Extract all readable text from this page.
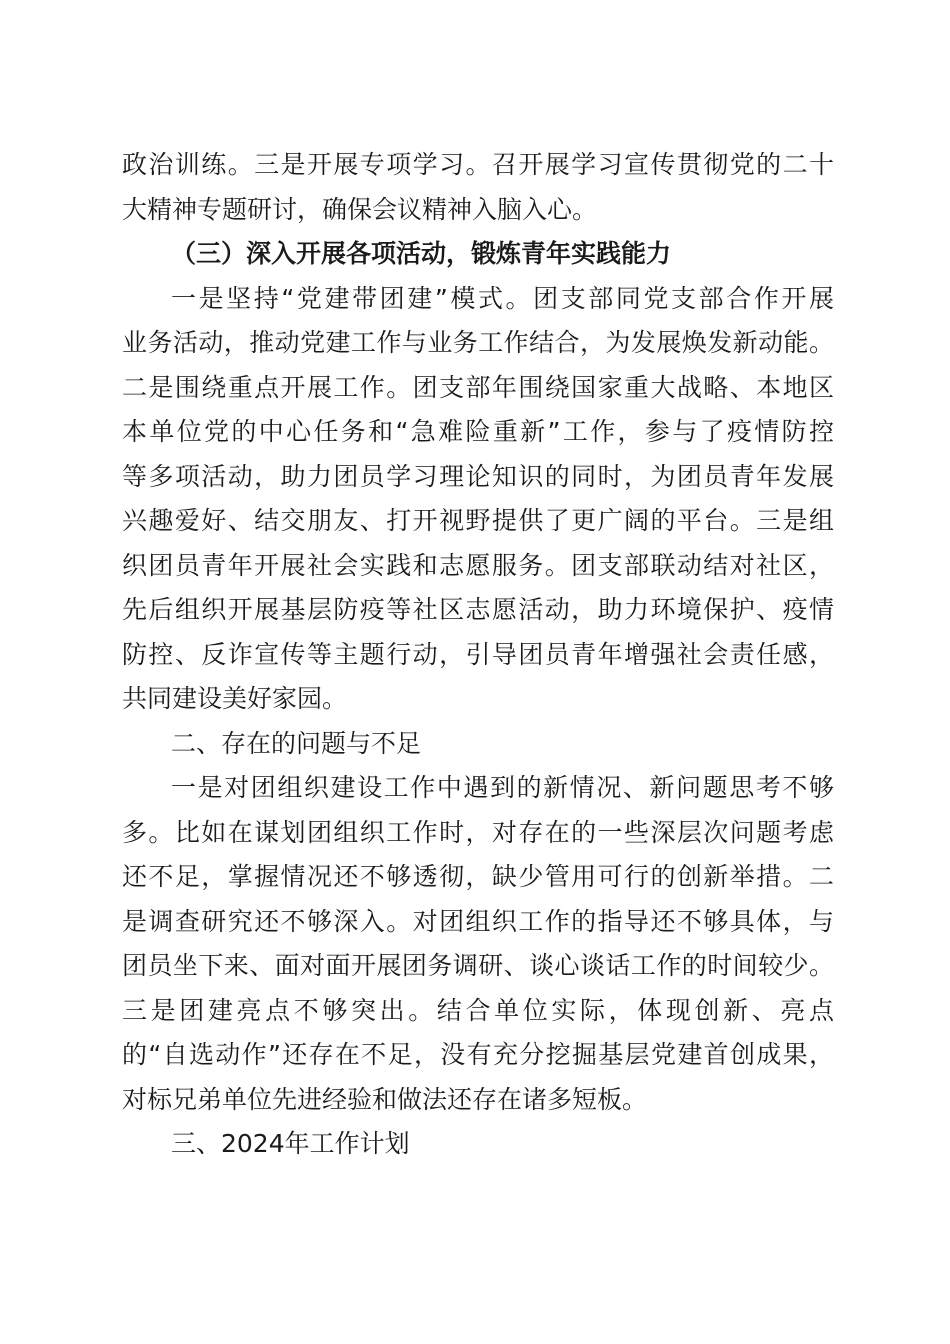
政治训练。三是开展专项学习。召开展学习宣传贯彻党的二十
大精神专题研讨，确保会议精神入脑入心。
（三）深入开展各项活动，锻炼青年实践能力
一是坚持“党建带团建”模式。团支部同党支部合作开展
业务活动，推动党建工作与业务工作结合，为发展焕发新动能。
二是围绕重点开展工作。团支部年围绕国家重大战略、本地区
本单位党的中心任务和“急难险重新”工作，参与了疫情防控
等多项活动，助力团员学习理论知识的同时，为团员青年发展
兴趣爱好、结交朋友、打开视野提供了更广阔的平台。三是组
织团员青年开展社会实践和志愿服务。团支部联动结对社区，
先后组织开展基层防疫等社区志愿活动，助力环境保护、疫情
防控、反诈宣传等主题行动，引导团员青年增强社会责任感，
共同建设美好家园。
二、存在的问题与不足
一是对团组织建设工作中遇到的新情况、新问题思考不够
多。比如在谋划团组织工作时，对存在的一些深层次问题考虑
还不足，掌握情况还不够透彻，缺少管用可行的创新举措。二
是调查研究还不够深入。对团组织工作的指导还不够具体，与
团员坐下来、面对面开展团务调研、谈心谈话工作的时间较少。
三是团建亮点不够突出。结合单位实际，体现创新、亮点
的“自选动作”还存在不足，没有充分挖掘基层党建首创成果，
对标兄弟单位先进经验和做法还存在诸多短板。
三、2024年工作计划
